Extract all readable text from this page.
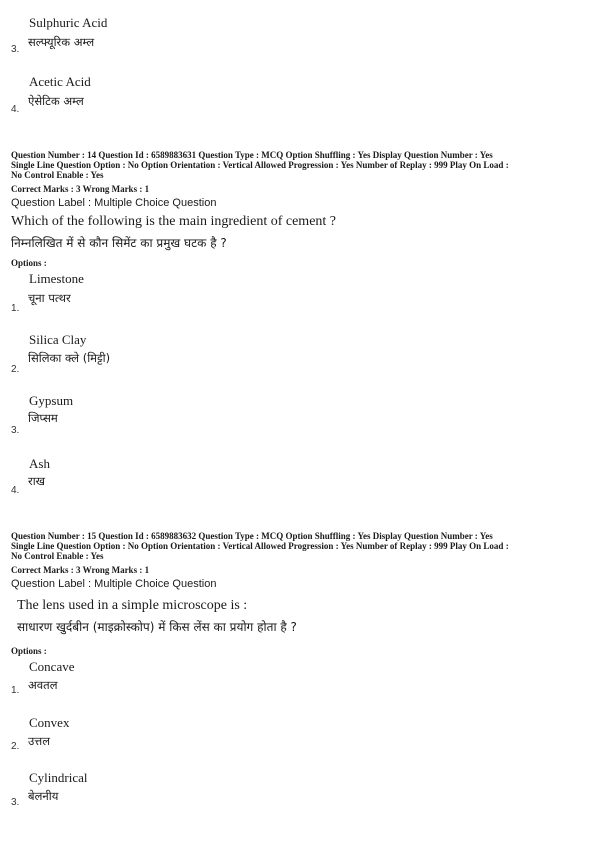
Sulphuric Acid
सल्फ्यूरिक अम्ल
3.
Acetic Acid
ऐसेटिक अम्ल
4.
Question Number : 14 Question Id : 6589883631 Question Type : MCQ Option Shuffling : Yes Display Question Number : Yes
Single Line Question Option : No Option Orientation : Vertical Allowed Progression : Yes Number of Replay : 999 Play On Load :
No Control Enable : Yes
Correct Marks : 3 Wrong Marks : 1
Question Label : Multiple Choice Question
Which of the following is the main ingredient of cement ?
निम्नलिखित में से कौन सिमेंट का प्रमुख घटक है ?
Options :
Limestone
चूना पत्थर
1.
Silica Clay
सिलिका क्ले (मिट्टी)
2.
Gypsum
जिप्सम
3.
Ash
राख
4.
Question Number : 15 Question Id : 6589883632 Question Type : MCQ Option Shuffling : Yes Display Question Number : Yes
Single Line Question Option : No Option Orientation : Vertical Allowed Progression : Yes Number of Replay : 999 Play On Load :
No Control Enable : Yes
Correct Marks : 3 Wrong Marks : 1
Question Label : Multiple Choice Question
The lens used in a simple microscope is :
साधारण खुर्दबीन (माइक्रोस्कोप) में किस लेंस का प्रयोग होता है ?
Options :
Concave
अवतल
1.
Convex
उत्तल
2.
Cylindrical
बेलनीय
3.
